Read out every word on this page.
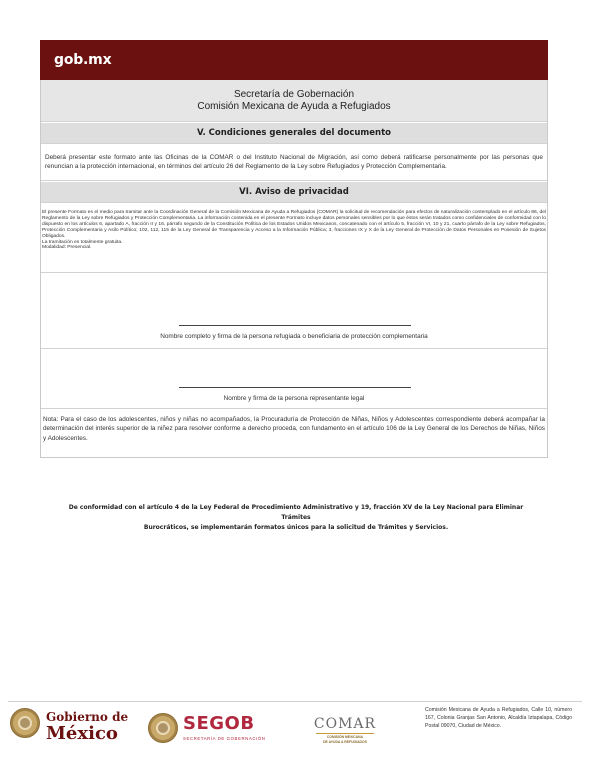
gob.mx
Secretaría de Gobernación
Comisión Mexicana de Ayuda a Refugiados
V. Condiciones generales del documento

Deberá presentar este formato ante las Oficinas de la COMAR o del Instituto Nacional de Migración, así como deberá ratificarse personalmente por las personas que renuncian a la protección internacional, en términos del artículo 26 del Reglamento de la Ley sobre Refugiados y Protección Complementaria.

VI. Aviso de privacidad

El presente Formato es el medio para tramitar ante la Coordinación General de la Comisión Mexicana de Ayuda a Refugiados (COMAR) la solicitud de recomendación para efectos de naturalización contemplado en el artículo 86, del Reglamento de la Ley sobre Refugiados y Protección Complementaria. La información contenida en el presente Formato incluye datos personales sensibles por lo que éstos serán tratados como confidenciales de conformidad con lo dispuesto en los artículos 6, apartado A, fracción II y 16, párrafo segundo de la Constitución Política de los Estados Unidos Mexicanos, concatenado con el artículo 5, fracción VI, 10 y 21, cuarto párrafo de la Ley sobre Refugiados, Protección Complementaria y Asilo Político; 102, 112, 115 de la Ley General de Transparencia y Acceso a la Información Pública; 3, fracciones IX y X de la Ley General de Protección de Datos Personales en Posesión de Sujetos Obligados.

La tramitación es totalmente gratuita.
Modalidad: Presencial.
Nombre completo y firma de la persona refugiada o beneficiaria de protección complementaria
Nombre y firma de la persona representante legal

Nota: Para el caso de los adolescentes, niños y niñas no acompañados, la Procuraduría de Protección de Niñas, Niños y Adolescentes correspondiente deberá acompañar la determinación del interés superior de la niñez para resolver conforme a derecho proceda, con fundamento en el artículo 106 de la Ley General de los Derechos de Niñas, Niños y Adolescentes.

De conformidad con el artículo 4 de la Ley Federal de Procedimiento Administrativo y 19, fracción XV de la Ley Nacional para Eliminar Trámites
Burocráticos, se implementarán formatos únicos para la solicitud de Trámites y Servicios.
Gobierno de
México	SEGOB
SECRETARÍA DE GOBERNACIÓN
COMAR
COMISIÓN MEXICANA
DE AYUDA A REFUGIADOS
Comisión Mexicana de Ayuda a Refugiados, Calle 10, número 167, Colonia Granjas San Antonio, Alcaldía Iztapalapa, Código Postal 09070, Ciudad de México.
